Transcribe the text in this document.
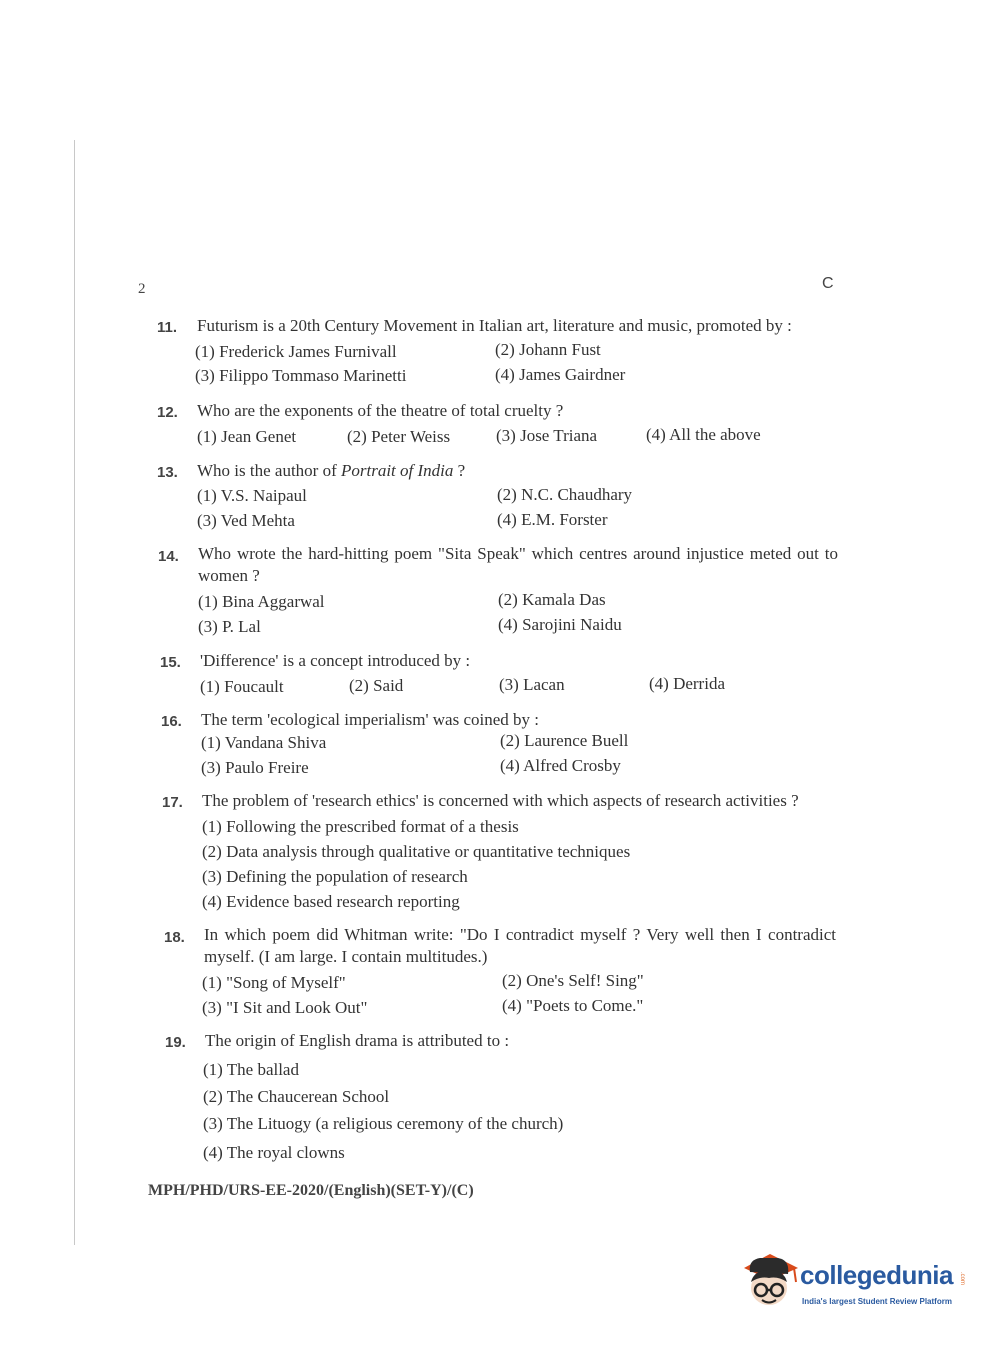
2	C
11. Futurism is a 20th Century Movement in Italian art, literature and music, promoted by :
(1) Frederick James Furnivall	(2) Johann Fust
(3) Filippo Tommaso Marinetti	(4) James Gairdner
12. Who are the exponents of the theatre of total cruelty ?
(1) Jean Genet	(2) Peter Weiss	(3) Jose Triana	(4) All the above
13. Who is the author of Portrait of India ?
(1) V.S. Naipaul	(2) N.C. Chaudhary
(3) Ved Mehta	(4) E.M. Forster
14. Who wrote the hard-hitting poem "Sita Speak" which centres around injustice meted out to women ?
(1) Bina Aggarwal	(2) Kamala Das
(3) P. Lal	(4) Sarojini Naidu
15. 'Difference' is a concept introduced by :
(1) Foucault	(2) Said	(3) Lacan	(4) Derrida
16. The term 'ecological imperialism' was coined by :
(1) Vandana Shiva	(2) Laurence Buell
(3) Paulo Freire	(4) Alfred Crosby
17. The problem of 'research ethics' is concerned with which aspects of research activities ?
(1) Following the prescribed format of a thesis
(2) Data analysis through qualitative or quantitative techniques
(3) Defining the population of research
(4) Evidence based research reporting
18. In which poem did Whitman write: "Do I contradict myself ? Very well then I contradict myself. (I am large. I contain multitudes.)
(1) "Song of Myself"	(2) One's Self! Sing"
(3) "I Sit and Look Out"	(4) "Poets to Come."
19. The origin of English drama is attributed to :
(1) The ballad
(2) The Chaucerean School
(3) The Lituogy (a religious ceremony of the church)
(4) The royal clowns
MPH/PHD/URS-EE-2020/(English)(SET-Y)/(C)
collegedunia .com
India's largest Student Review Platform
